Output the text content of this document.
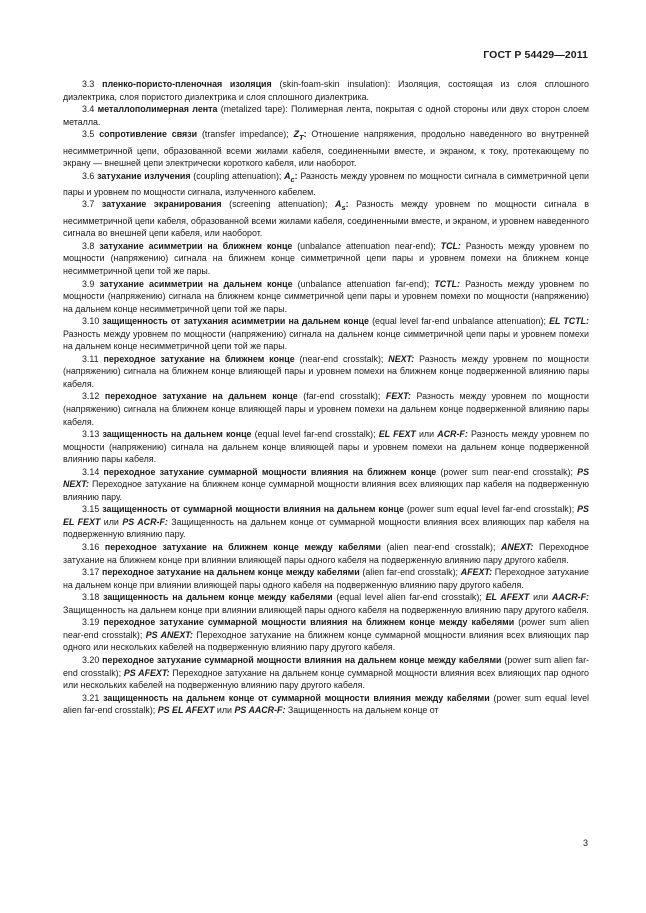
ГОСТ Р 54429—2011

3.3 пленко-пористо-пленочная изоляция (skin-foam-skin insulation): Изоляция, состоящая из слоя сплошного диэлектрика, слоя пористого диэлектрика и слоя сплошного диэлектрика.

3.4 металлополимерная лента (metalized tape): Полимерная лента, покрытая с одной стороны или двух сторон слоем металла.

3.5 сопротивление связи (transfer impedance); $Z_T$: Отношение напряжения, продольно наведенного во внутренней несимметричной цепи, образованной всеми жилами кабеля, соединенными вместе, и экраном, к току, протекающему по экрану — внешней цепи электрически короткого кабеля, или наоборот.

3.6 затухание излучения (coupling attenuation); $A_c$: Разность между уровнем по мощности сигнала в симметричной цепи пары и уровнем по мощности сигнала, излученного кабелем.

3.7 затухание экранирования (screening attenuation); $A_s$: Разность между уровнем по мощности сигнала в несимметричной цепи кабеля, образованной всеми жилами кабеля, соединенными вместе, и экраном, и уровнем наведенного сигнала во внешней цепи кабеля, или наоборот.

3.8 затухание асимметрии на ближнем конце (unbalance attenuation near-end); TCL: Разность между уровнем по мощности (напряжению) сигнала на ближнем конце симметричной цепи пары и уровнем помехи на ближнем конце несимметричной цепи той же пары.

3.9 затухание асимметрии на дальнем конце (unbalance attenuation far-end); TCTL: Разность между уровнем по мощности (напряжению) сигнала на ближнем конце симметричной цепи пары и уровнем помехи по мощности (напряжению) на дальнем конце несимметричной цепи той же пары.

3.10 защищенность от затухания асимметрии на дальнем конце (equal level far-end unbalance attenuation); EL TCTL: Разность между уровнем по мощности (напряжению) сигнала на дальнем конце симметричной цепи пары и уровнем помехи на дальнем конце несимметричной цепи той же пары.

3.11 переходное затухание на ближнем конце (near-end crosstalk); NEXT: Разность между уровнем по мощности (напряжению) сигнала на ближнем конце влияющей пары и уровнем помехи на ближнем конце подверженной влиянию пары кабеля.

3.12 переходное затухание на дальнем конце (far-end crosstalk); FEXT: Разность между уровнем по мощности (напряжению) сигнала на ближнем конце влияющей пары и уровнем помехи на дальнем конце подверженной влиянию пары кабеля.

3.13 защищенность на дальнем конце (equal level far-end crosstalk); EL FEXT или ACR-F: Разность между уровнем по мощности (напряжению) сигнала на дальнем конце влияющей пары и уровнем помехи на дальнем конце подверженной влиянию пары кабеля.

3.14 переходное затухание суммарной мощности влияния на ближнем конце (power sum near-end crosstalk); PS NEXT: Переходное затухание на ближнем конце суммарной мощности влияния всех влияющих пар кабеля на подверженную влиянию пару.

3.15 защищенность от суммарной мощности влияния на дальнем конце (power sum equal level far-end crosstalk); PS EL FEXT или PS ACR-F: Защищенность на дальнем конце от суммарной мощности влияния всех влияющих пар кабеля на подверженную влиянию пару.

3.16 переходное затухание на ближнем конце между кабелями (alien near-end crosstalk); ANEXT: Переходное затухание на ближнем конце при влиянии влияющей пары одного кабеля на подверженную влиянию пару другого кабеля.

3.17 переходное затухание на дальнем конце между кабелями (alien far-end crosstalk); AFEXT: Переходное затухание на дальнем конце при влиянии влияющей пары одного кабеля на подверженную влиянию пару другого кабеля.

3.18 защищенность на дальнем конце между кабелями (equal level alien far-end crosstalk); EL AFEXT или AACR-F: Защищенность на дальнем конце при влиянии влияющей пары одного кабеля на подверженную влиянию пару другого кабеля.

3.19 переходное затухание суммарной мощности влияния на ближнем конце между кабелями (power sum alien near-end crosstalk); PS ANEXT: Переходное затухание на ближнем конце суммарной мощности влияния всех влияющих пар одного или нескольких кабелей на подверженную влиянию пару другого кабеля.

3.20 переходное затухание суммарной мощности влияния на дальнем конце между кабелями (power sum alien far-end crosstalk); PS AFEXT: Переходное затухание на дальнем конце суммарной мощности влияния всех влияющих пар одного или нескольких кабелей на подверженную влиянию пару другого кабеля.

3.21 защищенность на дальнем конце от суммарной мощности влияния между кабелями (power sum equal level alien far-end crosstalk); PS EL AFEXT или PS AACR-F: Защищенность на дальнем конце от

3
